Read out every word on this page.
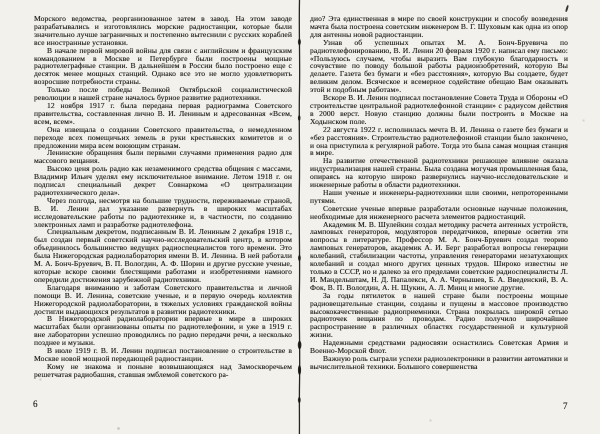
Морского ведомства, реорганизованное затем в завод. На этом заводе разрабатывались и изготовлялись морские радиостанции, которые были значительно лучше заграничных и постепенно вытеснили с русских кораблей все иностранные установки.

В начале первой мировой войны для связи с английским и французским командованием в Москве и Петербурге были построены мощные радиотелеграфные станции. В дальнейшем в России было построено еще с десяток менее мощных станций. Однако все это не могло удовлетворить возросшие потребности страны.

Только после победы Великой Октябрьской социалистической революции в нашей стране началось бурное развитие радиотехники.

12 ноября 1917 г. была передана первая радиограмма Советского правительства, составленная лично В. И. Лениным и адресованная «Всем, всем, всем».

Она извещала о создании Советского правительства, о немедленном переходе всех помещичьих земель в руки крестьянских комитетов и о предложении мира всем воюющим странам.

Ленинские обращения были первыми случаями применения радио для массового вещания.

Высоко ценя роль радио как незаменимого средства общения с массами, Владимир Ильич уделял ему исключительное внимание. Летом 1918 г. он подписал специальный декрет Совнаркома «О централизации радиотехнического дела».

Через полгода, несмотря на большие трудности, переживаемые страной, В. И. Ленин дал указание развернуть в широких масштабах исследовательские работы по радиотехнике и, в частности, по созданию электронных ламп и разработке радиотелефона.

Специальным декретом, подписанным В. И. Лениным 2 декабря 1918 г., был создан первый советский научно-исследовательский центр, в котором объединилось большинство ведущих радиоспециалистов того времени. Это была Нижегородская радиолаборатория имени В. И. Ленина. В ней работали М. А. Бонч-Бруевич, В. П. Вологдин, А. Ф. Шорин и другие русские ученые, которые вскоре своими блестящими работами и изобретениями намного опередили достижения зарубежной радиотехники.

Благодаря вниманию и заботам Советского правительства и личной помощи В. И. Ленина, советские ученые, и в первую очередь коллектив Нижегородской радиолаборатории, в тяжелых условиях гражданской войны достигли выдающихся результатов в развитии радиотехники.

В Нижегородской радиолаборатории впервые в мире в широких масштабах были организованы опыты по радиотелефонии, и уже в 1919 г. вне лаборатории успешно проводились по радио передачи речи, а несколько позднее и музыки.

В июле 1919 г. В. И. Ленин подписал постановление о строительстве в Москве новой мощной передающей радиостанции.

Кому не знакома и поныне возвышающаяся над Замоскворечьем решетчатая радиобашня, ставшая эмблемой советского ра-

дио? Эта единственная в мире по своей конструкции и способу возведения мачта была построена советским инженером В. Г. Шуховым как одна из опор для антенны новой радиостанции.

Узнав об успешных опытах М. А. Бонч-Бруевича по радиотелефонированию, В. И. Ленин 20 февраля 1920 г. написал ему письмо: «Пользуюсь случаем, чтобы выразить Вам глубокую благодарность и сочувствие по поводу большой работы радиоизобретений, которую Вы делаете. Газета без бумаги и «без расстояния», которую Вы создаете, будет великим делом. Всяческое и всемерное содействие обещаю Вам оказывать этой и подобным работам».

Вскоре В. И. Ленин подписал постановление Совета Труда и Обороны «О строительстве центральной радиотелефонной станции» с радиусом действия в 2000 верст. Новую станцию должны были построить в Москве на Ходынском поле.

22 августа 1922 г. исполнилась мечта В. И. Ленина о газете без бумаги и «без расстояния». Строительство радиотелефонной станции было закончено, и она приступила к регулярной работе. Тогда это была самая мощная станция в мире.

На развитие отечественной радиотехники решающее влияние оказала индустриализация нашей страны. Была создана могучая промышленная база, опираясь на которую широко развернулись научно-исследовательские и инженерные работы в области радиотехники.

Наши ученые и инженеры-радиотехники шли своими, непроторенными путями.

Советские ученые впервые разработали основные научные положения, необходимые для инженерного расчета элементов радиостанций.

Академик М. В. Шулейкин создал методику расчета антенных устройств, ламповых генераторов, модуляторов передатчиков, впервые осветив эти вопросы в литературе. Профессор М. А. Бонч-Бруевич создал теорию ламповых генераторов, академик А. И. Берг разработал вопросы генерации колебаний, стабилизации частоты, управления генераторами незатухающих колебаний и создал много других ценных трудов. Широко известны не только в СССР, но и далеко за его пределами советские радиоспециалисты Л. И. Мандельштам, Н. Д. Папалекси, А. А. Чернышев, Б. А. Введенский, В. А. Фок, В. П. Вологдин, А. Н. Щукин, А. Л. Минц и многие другие.

За годы пятилеток в нашей стране были построены мощные радиовещательные станции, созданы и пущены в массовое производство высококачественные радиоприемники. Страна покрылась широкой сетью радиоточек вещания по проводам. Радио получило широчайшее распространение в различных областях государственной и культурной жизни.

Надежными средствами радиосвязи оснастились Советская Армия и Военно-Морской Флот.

Важную роль сыграли успехи радиоэлектроники в развитии автоматики и вычислительной техники. Большого совершенства

6	7
